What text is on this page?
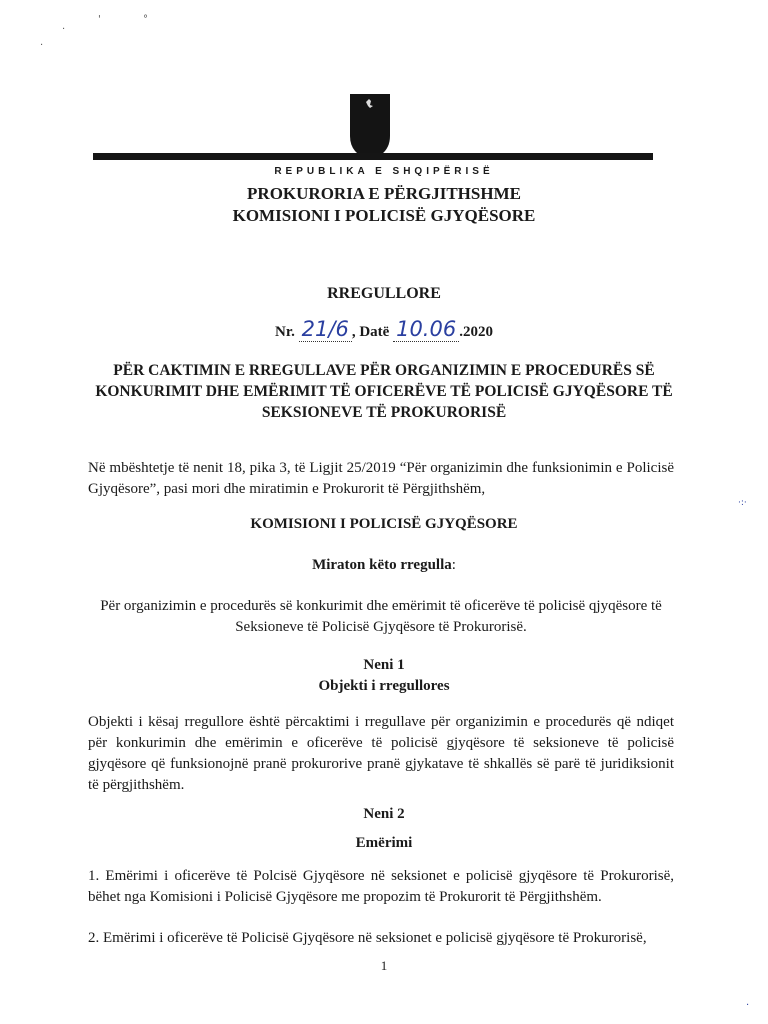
'	°
·
·
REPUBLIKA E SHQIPËRISË
PROKURORIA E PËRGJITHSHME
KOMISIONI I POLICISË GJYQËSORE
RREGULLORE
Nr. 21/6 , Datë 10.06 .2020
PËR CAKTIMIN E RREGULLAVE PËR ORGANIZIMIN E PROCEDURËS SË KONKURIMIT DHE EMËRIMIT TË OFICERËVE TË POLICISË GJYQËSORE TË SEKSIONEVE TË PROKURORISË
Në mbështetje të nenit 18, pika 3, të Ligjit 25/2019 “Për organizimin dhe funksionimin e Policisë Gjyqësore”, pasi mori dhe miratimin e Prokurorit të Përgjithshëm,
·:·
KOMISIONI I POLICISË GJYQËSORE
Miraton këto rregulla:
Për organizimin e procedurës së konkurimit dhe emërimit të oficerëve të policisë qjyqësore të Seksioneve të Policisë Gjyqësore të Prokurorisë.
Neni 1
Objekti i rregullores
Objekti i kësaj rregullore është përcaktimi i rregullave për organizimin e procedurës që ndiqet për konkurimin dhe emërimin e oficerëve të policisë gjyqësore të seksioneve të policisë gjyqësore që funksionojnë pranë prokurorive pranë gjykatave të shkallës së parë të juridiksionit të përgjithshëm.
Neni 2
Emërimi
1. Emërimi i oficerëve të Polcisë Gjyqësore në seksionet e policisë gjyqësore të Prokurorisë, bëhet nga Komisioni i Policisë Gjyqësore me propozim të Prokurorit të Përgjithshëm.
2. Emërimi i oficerëve të Policisë Gjyqësore në seksionet e policisë gjyqësore të Prokurorisë,
1
·
